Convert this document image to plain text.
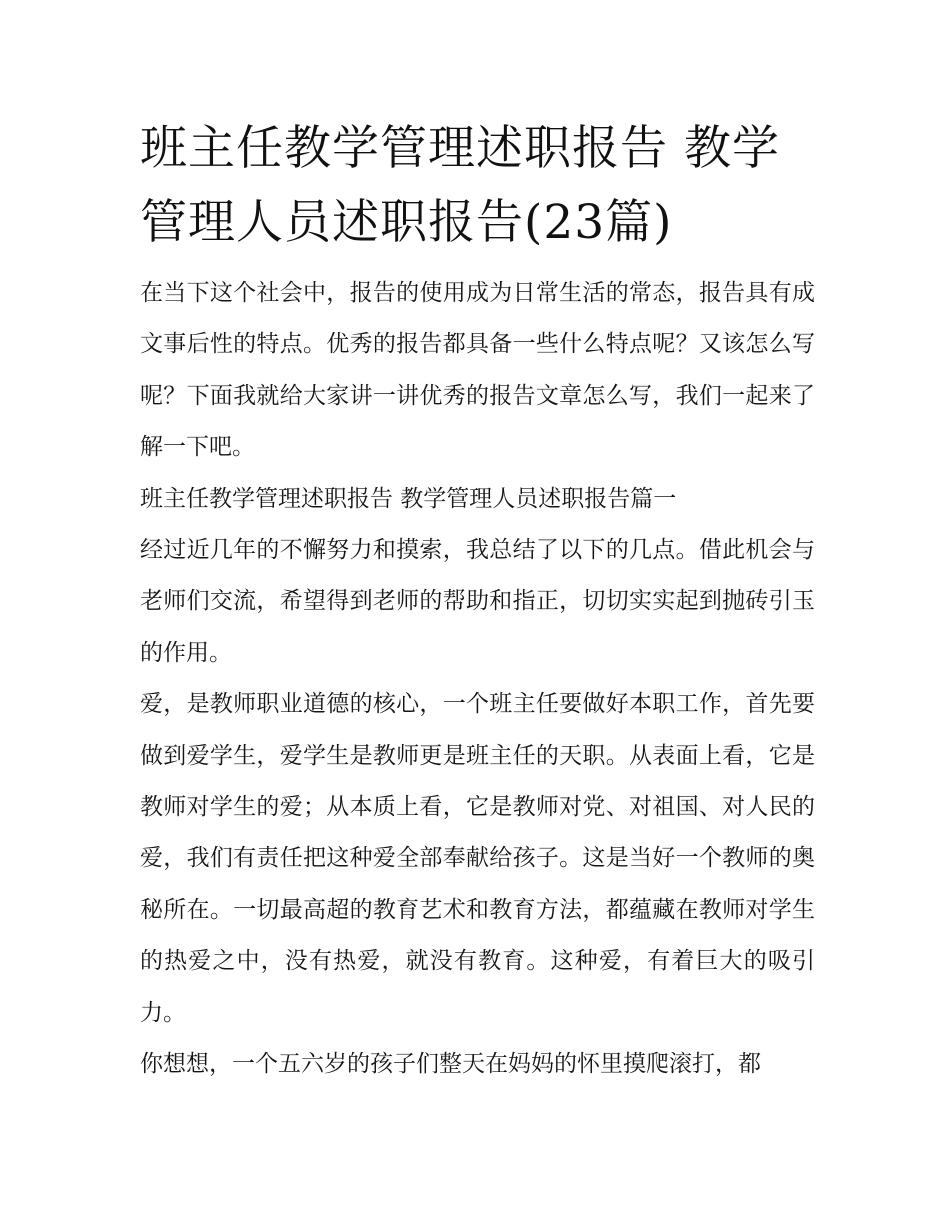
班主任教学管理述职报告 教学管理人员述职报告(23篇)

在当下这个社会中，报告的使用成为日常生活的常态，报告具有成文事后性的特点。优秀的报告都具备一些什么特点呢？又该怎么写呢？下面我就给大家讲一讲优秀的报告文章怎么写，我们一起来了解一下吧。

班主任教学管理述职报告 教学管理人员述职报告篇一

经过近几年的不懈努力和摸索，我总结了以下的几点。借此机会与老师们交流，希望得到老师的帮助和指正，切切实实起到抛砖引玉的作用。

爱，是教师职业道德的核心，一个班主任要做好本职工作，首先要做到爱学生，爱学生是教师更是班主任的天职。从表面上看，它是教师对学生的爱；从本质上看，它是教师对党、对祖国、对人民的爱，我们有责任把这种爱全部奉献给孩子。这是当好一个教师的奥秘所在。一切最高超的教育艺术和教育方法，都蕴藏在教师对学生的热爱之中，没有热爱，就没有教育。这种爱，有着巨大的吸引力。

你想想，一个五六岁的孩子们整天在妈妈的怀里摸爬滚打，都
